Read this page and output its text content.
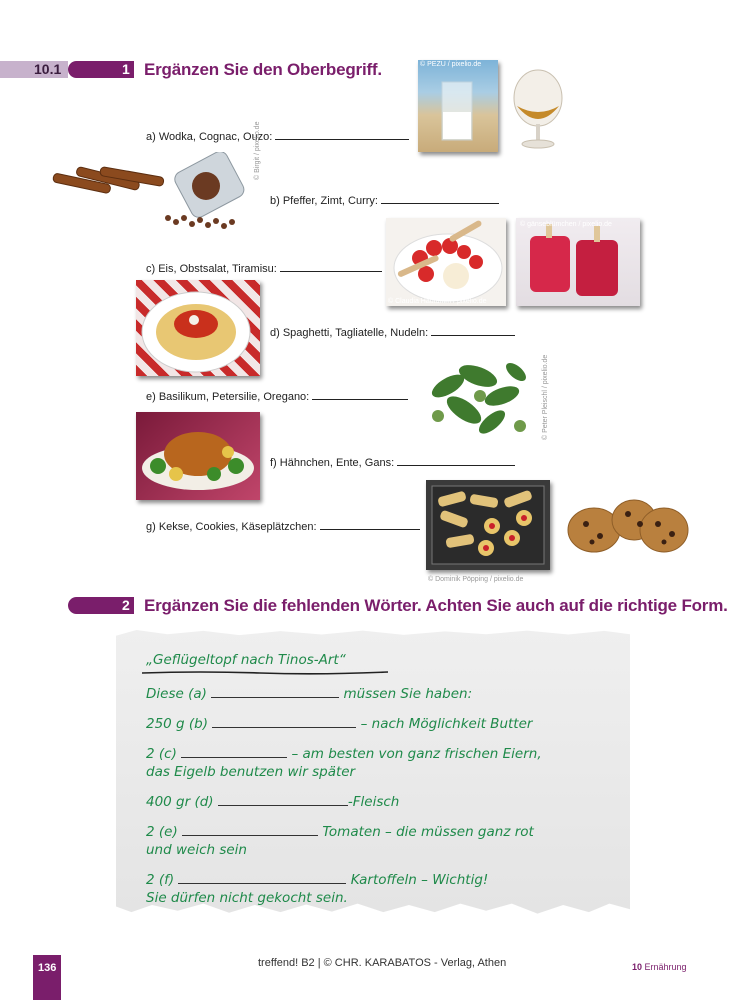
10.1	1 Ergänzen Sie den Oberbegriff.	© PEZU / pixelio.de
a) Wodka, Cognac, Ouzo:
© Birgit / pixelio.de
b) Pfeffer, Zimt, Curry:
© Claudia Hautumm / pixelio.de
© gänseblümchen / pixelio.de
c) Eis, Obstsalat, Tiramisu:
d) Spaghetti, Tagliatelle, Nudeln:
© Peter Pleischl / pixelio.de
e) Basilikum, Petersilie, Oregano:
f) Hähnchen, Ente, Gans:
© Dominik Pöpping / pixelio.de
g) Kekse, Cookies, Käseplätzchen:
2 Ergänzen Sie die fehlenden Wörter. Achten Sie auch auf die richtige Form.
„Geflügeltopf nach Tinos-Art“
Diese (a)	müssen Sie haben:
250 g (b)	– nach Möglichkeit Butter
2 (c)	– am besten von ganz frischen Eiern,
das Eigelb benutzen wir später
400 gr (d)	-Fleisch
2 (e)	Tomaten – die müssen ganz rot
und weich sein
2 (f)	Kartoffeln – Wichtig!
Sie dürfen nicht gekocht sein.
136	treffend! B2 | © CHR. KARABATOS - Verlag, Athen	10 Ernährung
